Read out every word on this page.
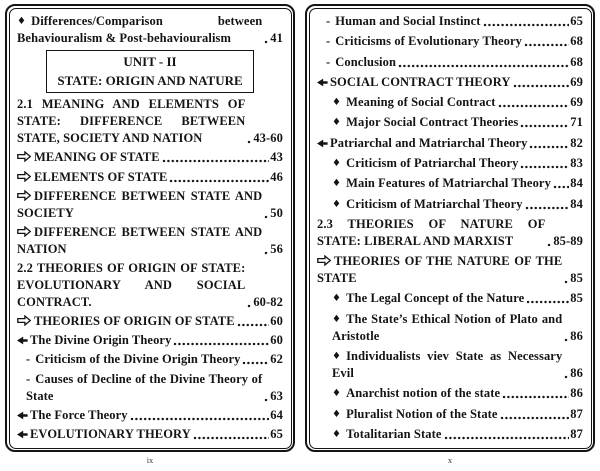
♦ Differences/Comparison between Behaviouralism & Post-behaviouralism	41
UNIT - II
STATE: ORIGIN AND NATURE
2.1 MEANING AND ELEMENTS OF STATE: DIFFERENCE BETWEEN STATE, SOCIETY AND NATION	43-60
MEANING OF STATE	43
ELEMENTS OF STATE	46
DIFFERENCE BETWEEN STATE AND SOCIETY	50
DIFFERENCE BETWEEN STATE AND NATION	56
2.2 THEORIES OF ORIGIN OF STATE: EVOLUTIONARY AND SOCIAL CONTRACT.	60-82
THEORIES OF ORIGIN OF STATE	60
The Divine Origin Theory	60
- Criticism of the Divine Origin Theory 62
- Causes of Decline of the Divine Theory of State	63
The Force Theory	64
EVOLUTIONARY THEORY	65
ix
- Human and Social Instinct	65
- Criticisms of Evolutionary Theory	68
- Conclusion	68
SOCIAL CONTRACT THEORY	69
♦ Meaning of Social Contract	69
♦ Major Social Contract Theories	71
Patriarchal and Matriarchal Theory	82
♦ Criticism of Patriarchal Theory	83
♦ Main Features of Matriarchal Theory 84
♦ Criticism of Matriarchal Theory	84
2.3 THEORIES OF NATURE OF STATE: LIBERAL AND MARXIST	85-89
THEORIES OF THE NATURE OF THE STATE	85
♦ The Legal Concept of the Nature	85
♦ The State’s Ethical Notion of Plato and Aristotle	86
♦ Individualists viev State as Necessary Evil	86
♦ Anarchist notion of the state	86
♦ Pluralist Notion of the State	87
♦ Totalitarian State	87
x
